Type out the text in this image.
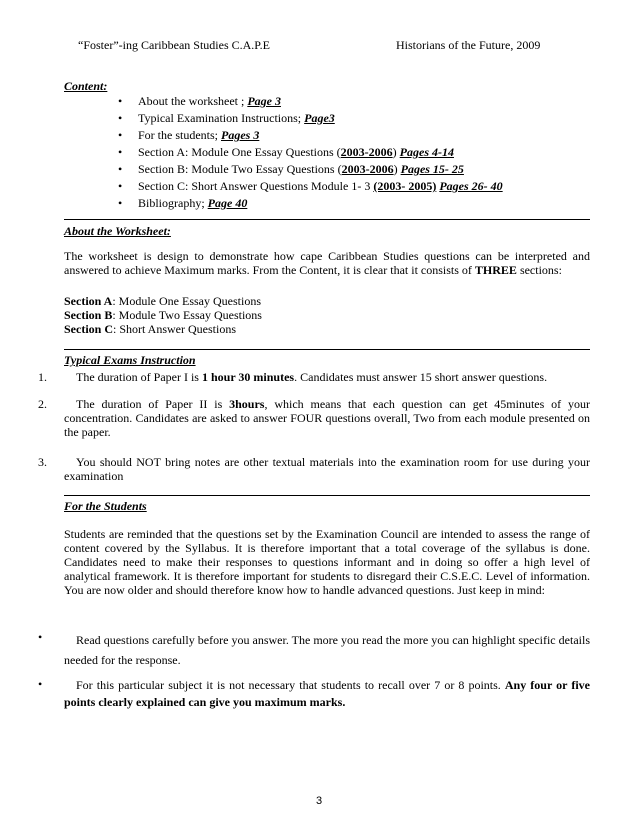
“Foster”-ing Caribbean Studies C.A.P.E	Historians of the Future, 2009
Content:
• About the worksheet ; Page 3
• Typical Examination Instructions; Page3
• For the students; Pages 3
• Section A: Module One Essay Questions (2003-2006) Pages 4-14
• Section B: Module Two Essay Questions (2003-2006) Pages 15- 25
• Section C: Short Answer Questions Module 1- 3 (2003- 2005) Pages 26- 40
• Bibliography; Page 40
About the Worksheet:
The worksheet is design to demonstrate how cape Caribbean Studies questions can be interpreted and answered to achieve Maximum marks. From the Content, it is clear that it consists of THREE sections:
Section A: Module One Essay Questions
Section B: Module Two Essay Questions
Section C: Short Answer Questions
Typical Exams Instruction
1.	The duration of Paper I is 1 hour 30 minutes. Candidates must answer 15 short answer questions.
2.	The duration of Paper II is 3hours, which means that each question can get 45minutes of your concentration. Candidates are asked to answer FOUR questions overall, Two from each module presented on the paper.
3.	You should NOT bring notes are other textual materials into the examination room for use during your examination
For the Students
Students are reminded that the questions set by the Examination Council are intended to assess the range of content covered by the Syllabus. It is therefore important that a total coverage of the syllabus is done. Candidates need to make their responses to questions informant and in doing so offer a high level of analytical framework. It is therefore important for students to disregard their C.S.E.C. Level of information. You are now older and should therefore know how to handle advanced questions. Just keep in mind:
•	Read questions carefully before you answer. The more you read the more you can highlight specific details needed for the response.
•	For this particular subject it is not necessary that students to recall over 7 or 8 points. Any four or five points clearly explained can give you maximum marks.
3
